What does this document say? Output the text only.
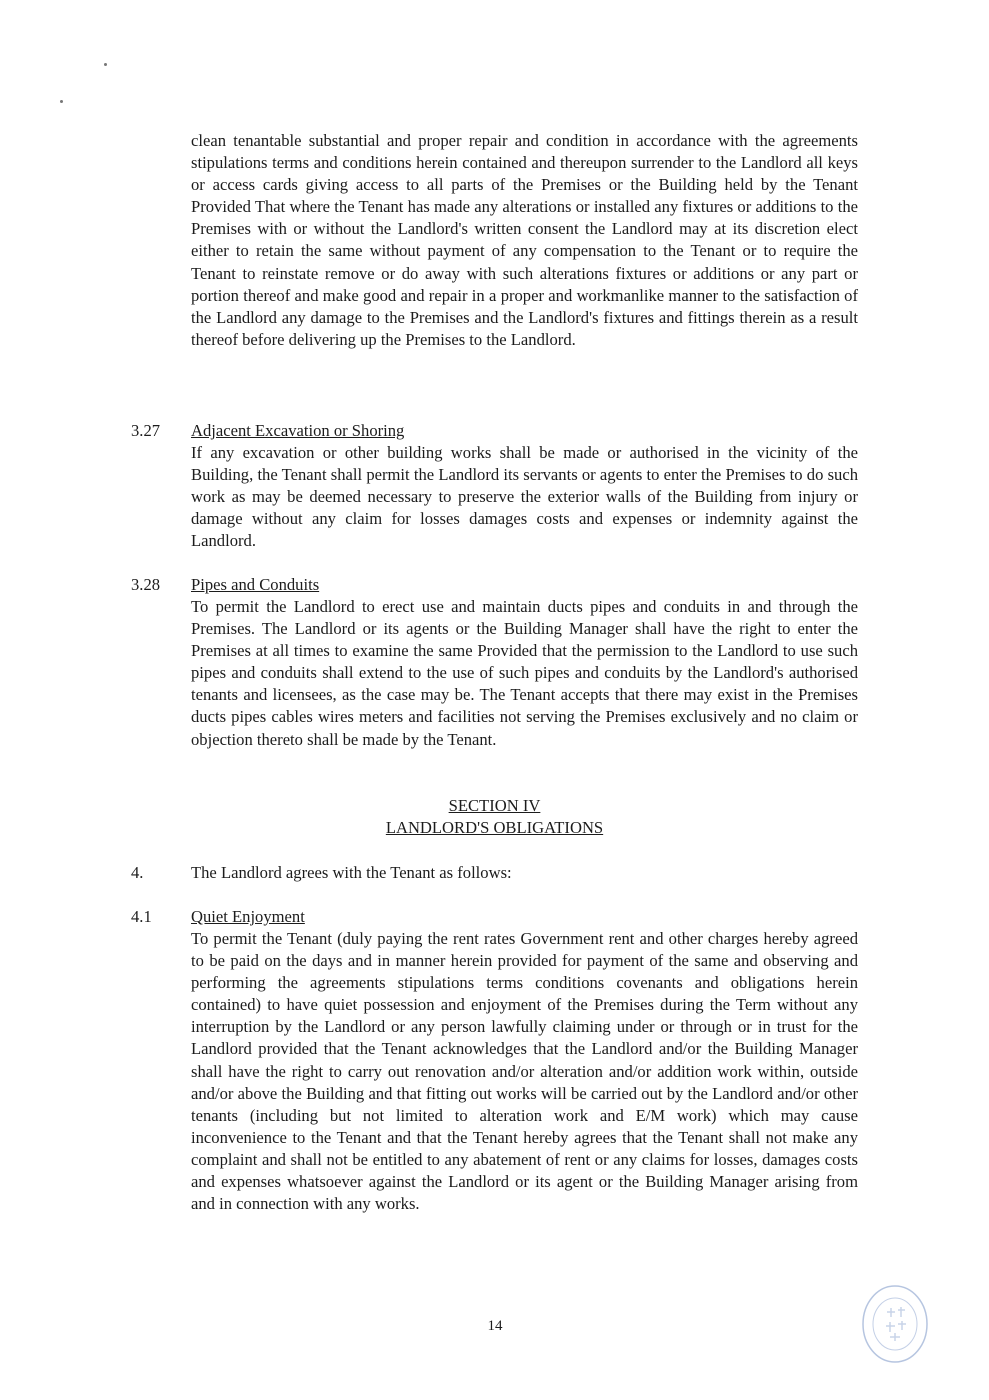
clean tenantable substantial and proper repair and condition in accordance with the agreements stipulations terms and conditions herein contained and thereupon surrender to the Landlord all keys or access cards giving access to all parts of the Premises or the Building held by the Tenant Provided That where the Tenant has made any alterations or installed any fixtures or additions to the Premises with or without the Landlord's written consent the Landlord may at its discretion elect either to retain the same without payment of any compensation to the Tenant or to require the Tenant to reinstate remove or do away with such alterations fixtures or additions or any part or portion thereof and make good and repair in a proper and workmanlike manner to the satisfaction of the Landlord any damage to the Premises and the Landlord's fixtures and fittings therein as a result thereof before delivering up the Premises to the Landlord.

3.27 Adjacent Excavation or Shoring

If any excavation or other building works shall be made or authorised in the vicinity of the Building, the Tenant shall permit the Landlord its servants or agents to enter the Premises to do such work as may be deemed necessary to preserve the exterior walls of the Building from injury or damage without any claim for losses damages costs and expenses or indemnity against the Landlord.

3.28 Pipes and Conduits

To permit the Landlord to erect use and maintain ducts pipes and conduits in and through the Premises. The Landlord or its agents or the Building Manager shall have the right to enter the Premises at all times to examine the same Provided that the permission to the Landlord to use such pipes and conduits shall extend to the use of such pipes and conduits by the Landlord's authorised tenants and licensees, as the case may be. The Tenant accepts that there may exist in the Premises ducts pipes cables wires meters and facilities not serving the Premises exclusively and no claim or objection thereto shall be made by the Tenant.

SECTION IV
LANDLORD'S OBLIGATIONS
4.	The Landlord agrees with the Tenant as follows:
4.1 Quiet Enjoyment

To permit the Tenant (duly paying the rent rates Government rent and other charges hereby agreed to be paid on the days and in manner herein provided for payment of the same and observing and performing the agreements stipulations terms conditions covenants and obligations herein contained) to have quiet possession and enjoyment of the Premises during the Term without any interruption by the Landlord or any person lawfully claiming under or through or in trust for the Landlord provided that the Tenant acknowledges that the Landlord and/or the Building Manager shall have the right to carry out renovation and/or alteration and/or addition work within, outside and/or above the Building and that fitting out works will be carried out by the Landlord and/or other tenants (including but not limited to alteration work and E/M work) which may cause inconvenience to the Tenant and that the Tenant hereby agrees that the Tenant shall not make any complaint and shall not be entitled to any abatement of rent or any claims for losses, damages costs and expenses whatsoever against the Landlord or its agent or the Building Manager arising from and in connection with any works.

14
